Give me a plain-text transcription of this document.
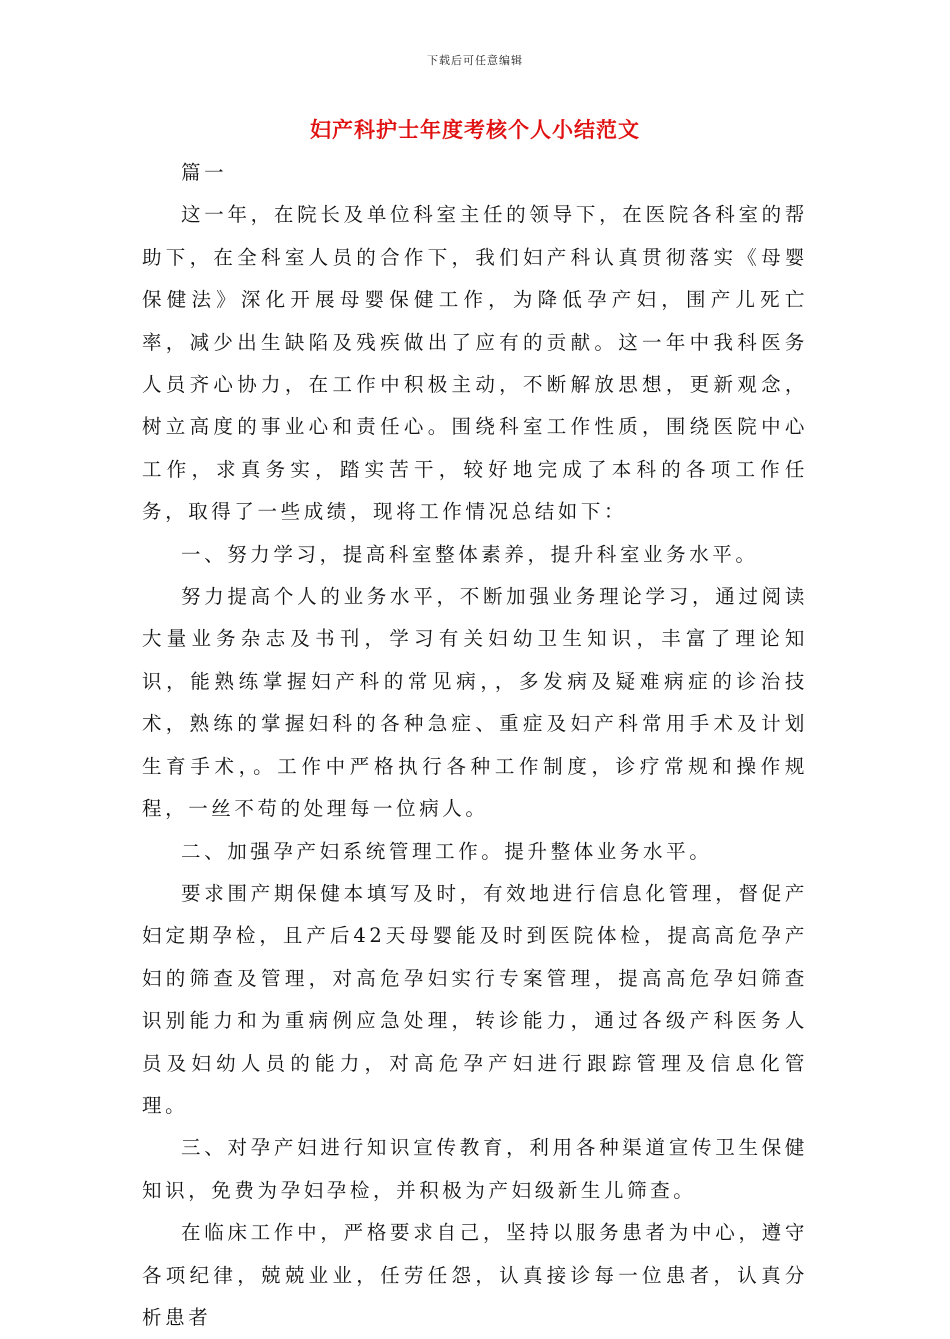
下载后可任意编辑
妇产科护士年度考核个人小结范文

篇一

这一年，在院长及单位科室主任的领导下，在医院各科室的帮助下，在全科室人员的合作下，我们妇产科认真贯彻落实《母婴保健法》深化开展母婴保健工作，为降低孕产妇，围产儿死亡率，减少出生缺陷及残疾做出了应有的贡献。这一年中我科医务人员齐心协力，在工作中积极主动，不断解放思想，更新观念，树立高度的事业心和责任心。围绕科室工作性质，围绕医院中心工作，求真务实，踏实苦干，较好地完成了本科的各项工作任务，取得了一些成绩，现将工作情况总结如下：

一、努力学习，提高科室整体素养，提升科室业务水平。

努力提高个人的业务水平，不断加强业务理论学习，通过阅读大量业务杂志及书刊，学习有关妇幼卫生知识，丰富了理论知识，能熟练掌握妇产科的常见病，，多发病及疑难病症的诊治技术，熟练的掌握妇科的各种急症、重症及妇产科常用手术及计划生育手术，。工作中严格执行各种工作制度，诊疗常规和操作规程，一丝不苟的处理每一位病人。

二、加强孕产妇系统管理工作。提升整体业务水平。

要求围产期保健本填写及时，有效地进行信息化管理，督促产妇定期孕检，且产后42天母婴能及时到医院体检，提高高危孕产妇的筛查及管理，对高危孕妇实行专案管理，提高高危孕妇筛查识别能力和为重病例应急处理，转诊能力，通过各级产科医务人员及妇幼人员的能力，对高危孕产妇进行跟踪管理及信息化管理。

三、对孕产妇进行知识宣传教育，利用各种渠道宣传卫生保健知识，免费为孕妇孕检，并积极为产妇级新生儿筛查。

在临床工作中，严格要求自己，坚持以服务患者为中心，遵守各项纪律，兢兢业业，任劳任怨，认真接诊每一位患者，认真分析患者
